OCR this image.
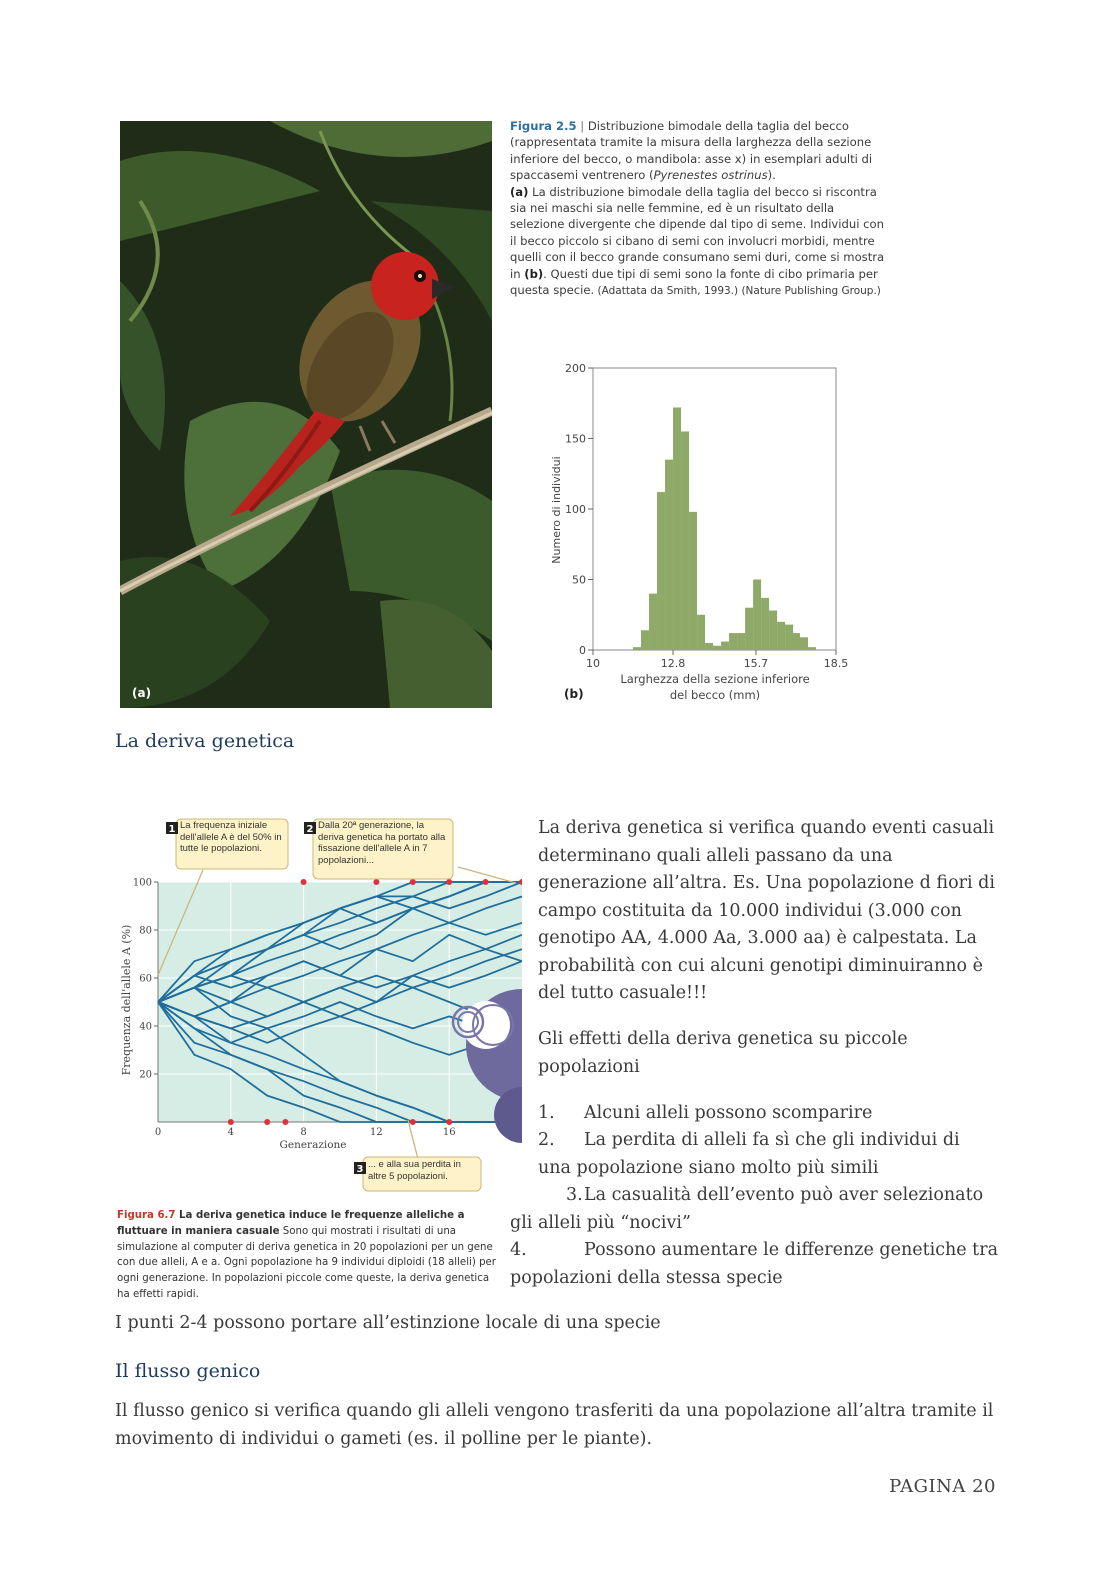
(a)
Figura 2.5 | Distribuzione bimodale della taglia del becco (rappresentata tramite la misura della larghezza della sezione inferiore del becco, o mandibola: asse x) in esemplari adulti di spaccasemi ventrenero (Pyrenestes ostrinus).
(a) La distribuzione bimodale della taglia del becco si riscontra sia nei maschi sia nelle femmine, ed è un risultato della selezione divergente che dipende dal tipo di seme. Individui con il becco piccolo si cibano di semi con involucri morbidi, mentre quelli con il becco grande consumano semi duri, come si mostra in (b). Questi due tipi di semi sono la fonte di cibo primaria per questa specie. (Adattata da Smith, 1993.) (Nature Publishing Group.)
0
50
100
150
200
10	12.8	15.7	18.5
Numero di individui
Larghezza della sezione inferiore
del becco (mm)
(b)
La deriva genetica
20
40
60
80
100
0	4	8	12	16
Frequenza dell'allele A (%)
Generazione
1 La frequenza iniziale dell'allele A è del 50% in tutte le popolazioni.
2 Dalla 20ª generazione, la deriva genetica ha portato alla fissazione dell'allele A in 7 popolazioni...
3 ... e alla sua perdita in altre 5 popolazioni.
Figura 6.7 La deriva genetica induce le frequenze alleliche a fluttuare in maniera casuale Sono qui mostrati i risultati di una simulazione al computer di deriva genetica in 20 popolazioni per un gene con due alleli, A e a. Ogni popolazione ha 9 individui diploidi (18 alleli) per ogni generazione. In popolazioni piccole come queste, la deriva genetica ha effetti rapidi.
La deriva genetica si verifica quando eventi casuali determinano quali alleli passano da una generazione all’altra. Es. Una popolazione d fiori di campo costituita da 10.000 individui (3.000 con genotipo AA, 4.000 Aa, 3.000 aa) è calpestata. La probabilità con cui alcuni genotipi diminuiranno è del tutto casuale!!!
Gli effetti della deriva genetica su piccole popolazioni
1. Alcuni alleli possono scomparire
2. La perdita di alleli fa sì che gli individui di una popolazione siano molto più simili
3.La casualità dell’evento può aver selezionato gli alleli più “nocivi”
4.	Possono aumentare le differenze genetiche tra popolazioni della stessa specie
I punti 2-4 possono portare all’estinzione locale di una specie
Il flusso genico
Il flusso genico si verifica quando gli alleli vengono trasferiti da una popolazione all’altra tramite il movimento di individui o gameti (es. il polline per le piante).
PAGINA 20
